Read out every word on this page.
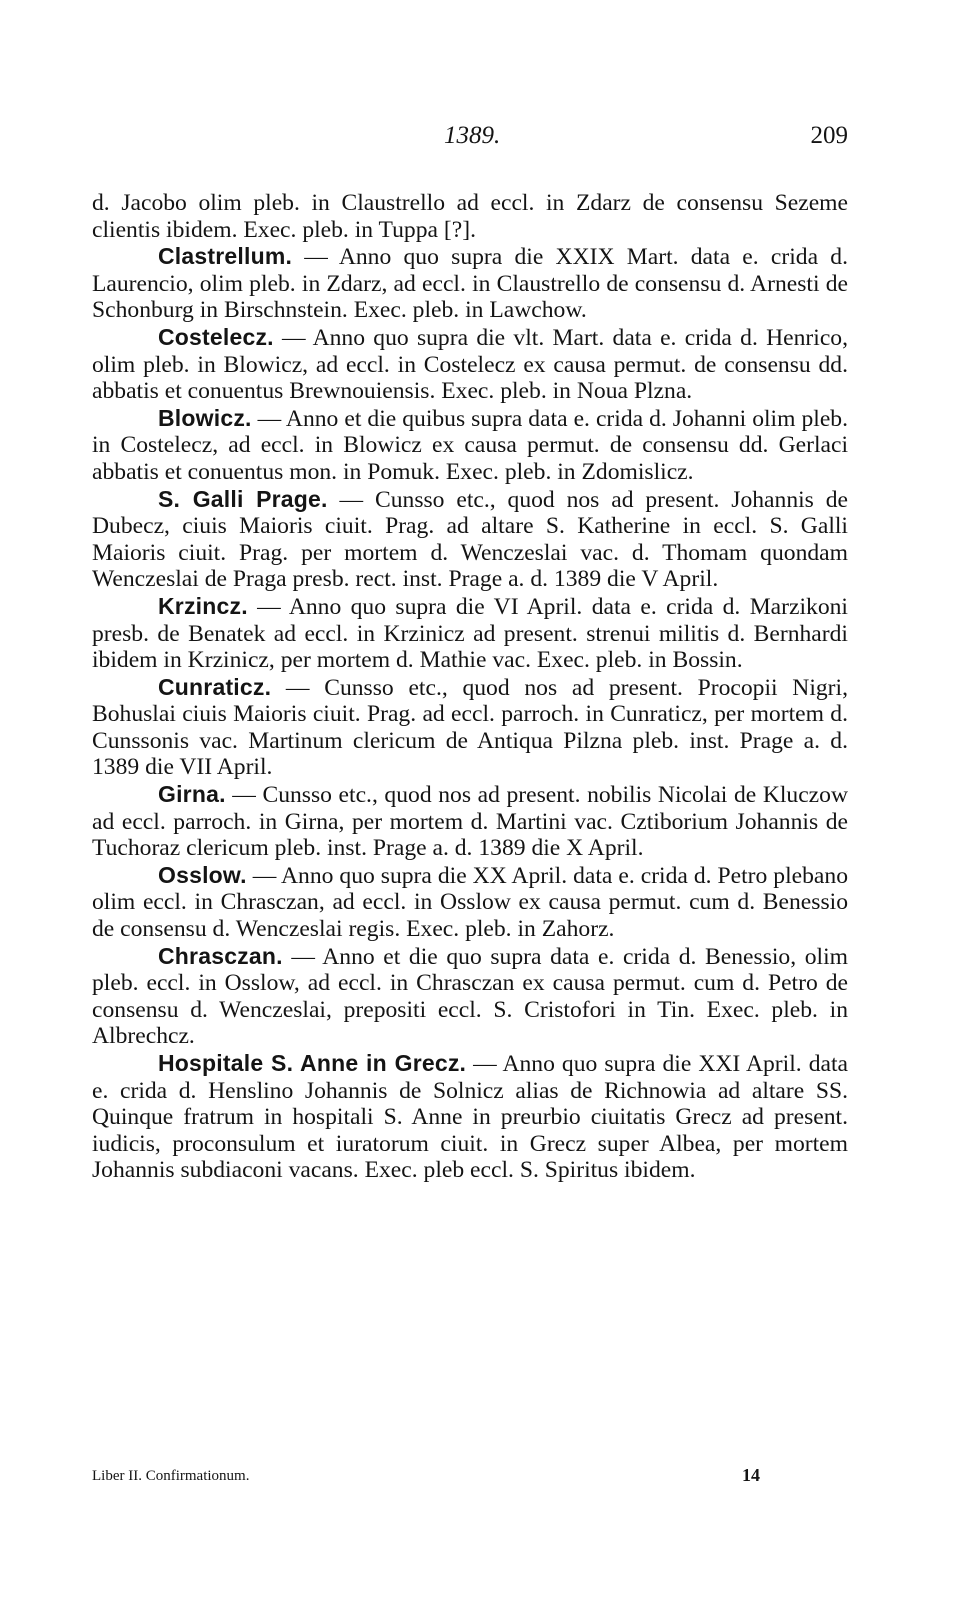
1389.	209

d. Jacobo olim pleb. in Claustrello ad eccl. in Zdarz de consensu Sezeme clientis ibidem. Exec. pleb. in Tuppa [?].

Clastrellum. — Anno quo supra die XXIX Mart. data e. crida d. Laurencio, olim pleb. in Zdarz, ad eccl. in Claustrello de consensu d. Arnesti de Schonburg in Birschnstein. Exec. pleb. in Lawchow.

Costelecz. — Anno quo supra die vlt. Mart. data e. crida d. Henrico, olim pleb. in Blowicz, ad eccl. in Costelecz ex causa permut. de consensu dd. abbatis et conuentus Brewnouiensis. Exec. pleb. in Noua Plzna.

Blowicz. — Anno et die quibus supra data e. crida d. Johanni olim pleb. in Costelecz, ad eccl. in Blowicz ex causa permut. de consensu dd. Gerlaci abbatis et conuentus mon. in Pomuk. Exec. pleb. in Zdomislicz.

S. Galli Prage. — Cunsso etc., quod nos ad present. Johannis de Dubecz, ciuis Maioris ciuit. Prag. ad altare S. Katherine in eccl. S. Galli Maioris ciuit. Prag. per mortem d. Wenczeslai vac. d. Thomam quondam Wenczeslai de Praga presb. rect. inst. Prage a. d. 1389 die V April.

Krzincz. — Anno quo supra die VI April. data e. crida d. Marzikoni presb. de Benatek ad eccl. in Krzinicz ad present. strenui militis d. Bernhardi ibidem in Krzinicz, per mortem d. Mathie vac. Exec. pleb. in Bossin.

Cunraticz. — Cunsso etc., quod nos ad present. Procopii Nigri, Bohuslai ciuis Maioris ciuit. Prag. ad eccl. parroch. in Cunraticz, per mortem d. Cunssonis vac. Martinum clericum de Antiqua Pilzna pleb. inst. Prage a. d. 1389 die VII April.

Girna. — Cunsso etc., quod nos ad present. nobilis Nicolai de Kluczow ad eccl. parroch. in Girna, per mortem d. Martini vac. Cztiborium Johannis de Tuchoraz clericum pleb. inst. Prage a. d. 1389 die X April.

Osslow. — Anno quo supra die XX April. data e. crida d. Petro plebano olim eccl. in Chrasczan, ad eccl. in Osslow ex causa permut. cum d. Benessio de consensu d. Wenczeslai regis. Exec. pleb. in Zahorz.

Chrasczan. — Anno et die quo supra data e. crida d. Benessio, olim pleb. eccl. in Osslow, ad eccl. in Chrasczan ex causa permut. cum d. Petro de consensu d. Wenczeslai, prepositi eccl. S. Cristofori in Tin. Exec. pleb. in Albrechcz.

Hospitale S. Anne in Grecz. — Anno quo supra die XXI April. data e. crida d. Henslino Johannis de Solnicz alias de Richnowia ad altare SS. Quinque fratrum in hospitali S. Anne in preurbio ciuitatis Grecz ad present. iudicis, proconsulum et iuratorum ciuit. in Grecz super Albea, per mortem Johannis subdiaconi vacans. Exec. pleb eccl. S. Spiritus ibidem.

Liber II. Confirmationum.	14
